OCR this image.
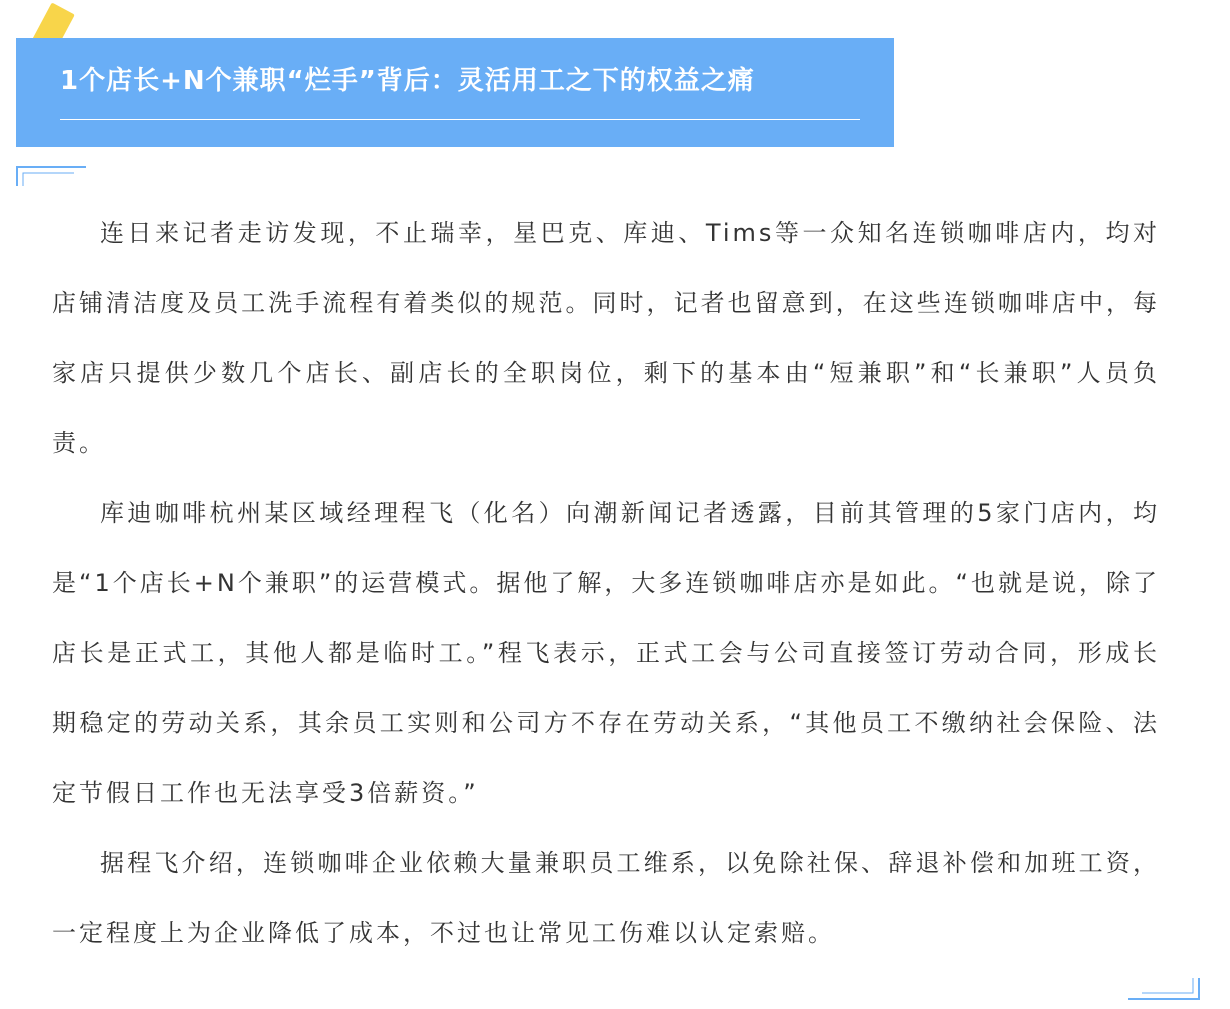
1个店长+N个兼职“烂手”背后：灵活用工之下的权益之痛

连日来记者走访发现，不止瑞幸，星巴克、库迪、Tims等一众知名连锁咖啡店内，均对店铺清洁度及员工洗手流程有着类似的规范。同时，记者也留意到，在这些连锁咖啡店中，每家店只提供少数几个店长、副店长的全职岗位，剩下的基本由“短兼职”和“长兼职”人员负责。

库迪咖啡杭州某区域经理程飞（化名）向潮新闻记者透露，目前其管理的5家门店内，均是“1个店长+N个兼职”的运营模式。据他了解，大多连锁咖啡店亦是如此。“也就是说，除了店长是正式工，其他人都是临时工。”程飞表示，正式工会与公司直接签订劳动合同，形成长期稳定的劳动关系，其余员工实则和公司方不存在劳动关系，“其他员工不缴纳社会保险、法定节假日工作也无法享受3倍薪资。”

据程飞介绍，连锁咖啡企业依赖大量兼职员工维系，以免除社保、辞退补偿和加班工资，一定程度上为企业降低了成本，不过也让常见工伤难以认定索赔。
